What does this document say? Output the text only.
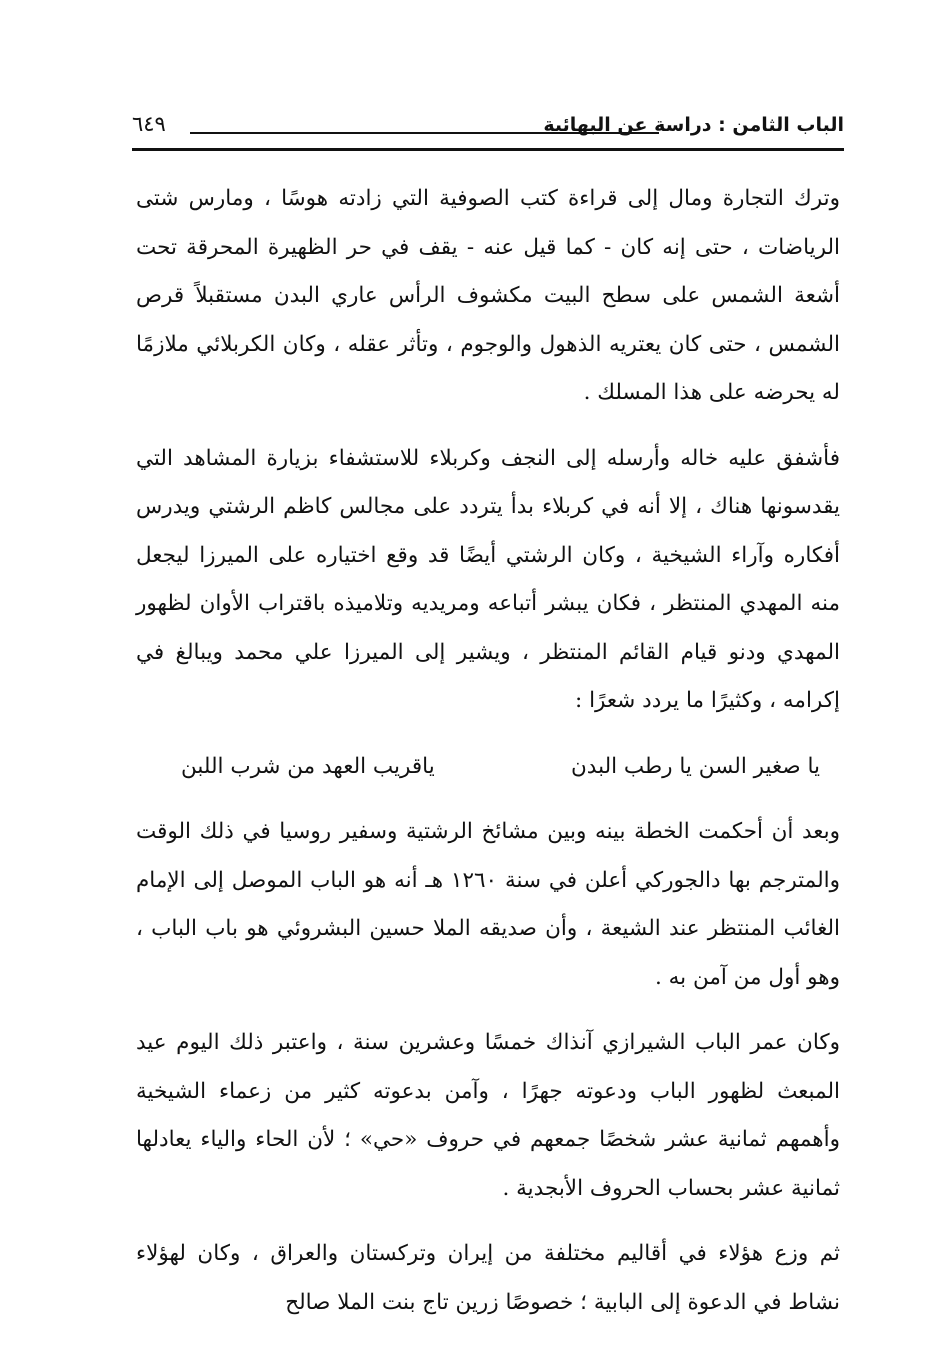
الباب الثامن : دراسة عن البهائية
٦٤٩

وترك التجارة ومال إلى قراءة كتب الصوفية التي زادته هوسًا ، ومارس شتى الرياضات ، حتى إنه كان - كما قيل عنه - يقف في حر الظهيرة المحرقة تحت أشعة الشمس على سطح البيت مكشوف الرأس عاري البدن مستقبلاً قرص الشمس ، حتى كان يعتريه الذهول والوجوم ، وتأثر عقله ، وكان الكربلائي ملازمًا له يحرضه على هذا المسلك .

فأشفق عليه خاله وأرسله إلى النجف وكربلاء للاستشفاء بزيارة المشاهد التي يقدسونها هناك ، إلا أنه في كربلاء بدأ يتردد على مجالس كاظم الرشتي ويدرس أفكاره وآراء الشيخية ، وكان الرشتي أيضًا قد وقع اختياره على الميرزا ليجعل منه المهدي المنتظر ، فكان يبشر أتباعه ومريديه وتلاميذه باقتراب الأوان لظهور المهدي ودنو قيام القائم المنتظر ، ويشير إلى الميرزا علي محمد ويبالغ في إكرامه ، وكثيرًا ما يردد شعرًا :

يا صغير السن يا رطب البدن
ياقريب العهد من شرب اللبن

وبعد أن أحكمت الخطة بينه وبين مشائخ الرشتية وسفير روسيا في ذلك الوقت والمترجم بها دالجوركي أعلن في سنة ١٢٦٠ هـ أنه هو الباب الموصل إلى الإمام الغائب المنتظر عند الشيعة ، وأن صديقه الملا حسين البشروئي هو باب الباب ، وهو أول من آمن به .

وكان عمر الباب الشيرازي آنذاك خمسًا وعشرين سنة ، واعتبر ذلك اليوم عيد المبعث لظهور الباب ودعوته جهرًا ، وآمن بدعوته كثير من زعماء الشيخية وأهمهم ثمانية عشر شخصًا جمعهم في حروف «حي» ؛ لأن الحاء والياء يعادلها ثمانية عشر بحساب الحروف الأبجدية .

ثم وزع هؤلاء في أقاليم مختلفة من إيران وتركستان والعراق ، وكان لهؤلاء نشاط في الدعوة إلى البابية ؛ خصوصًا زرين تاج بنت الملا صالح
